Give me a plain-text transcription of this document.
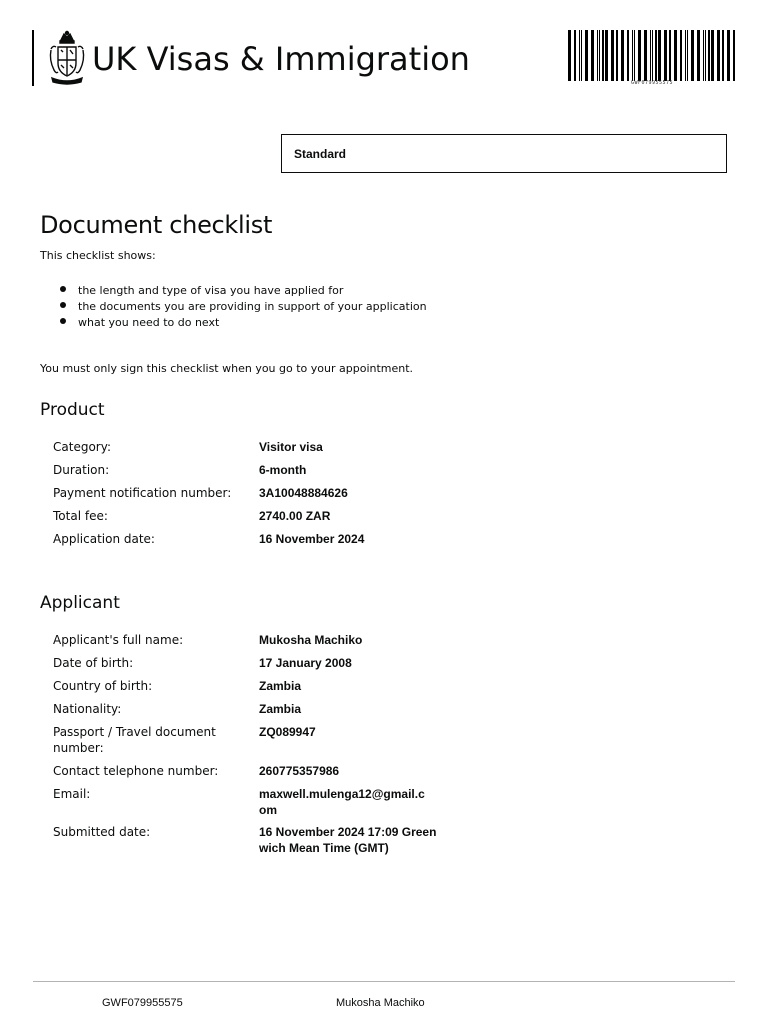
UK Visas & Immigration
GWF079955575
Standard
Document checklist
This checklist shows:
the length and type of visa you have applied for
the documents you are providing in support of your application
what you need to do next
You must only sign this checklist when you go to your appointment.
Product
Category:	Visitor visa
Duration:	6-month
Payment notification number:	3A10048884626
Total fee:	2740.00 ZAR
Application date:	16 November 2024
Applicant
Applicant's full name:	Mukosha Machiko
Date of birth:	17 January 2008
Country of birth:	Zambia
Nationality:	Zambia
Passport / Travel document number:
ZQ089947
Contact telephone number:	260775357986
Email:	maxwell.mulenga12@gmail.com
Submitted date:	16 November 2024 17:09 Greenwich Mean Time (GMT)
GWF079955575	Mukosha Machiko
